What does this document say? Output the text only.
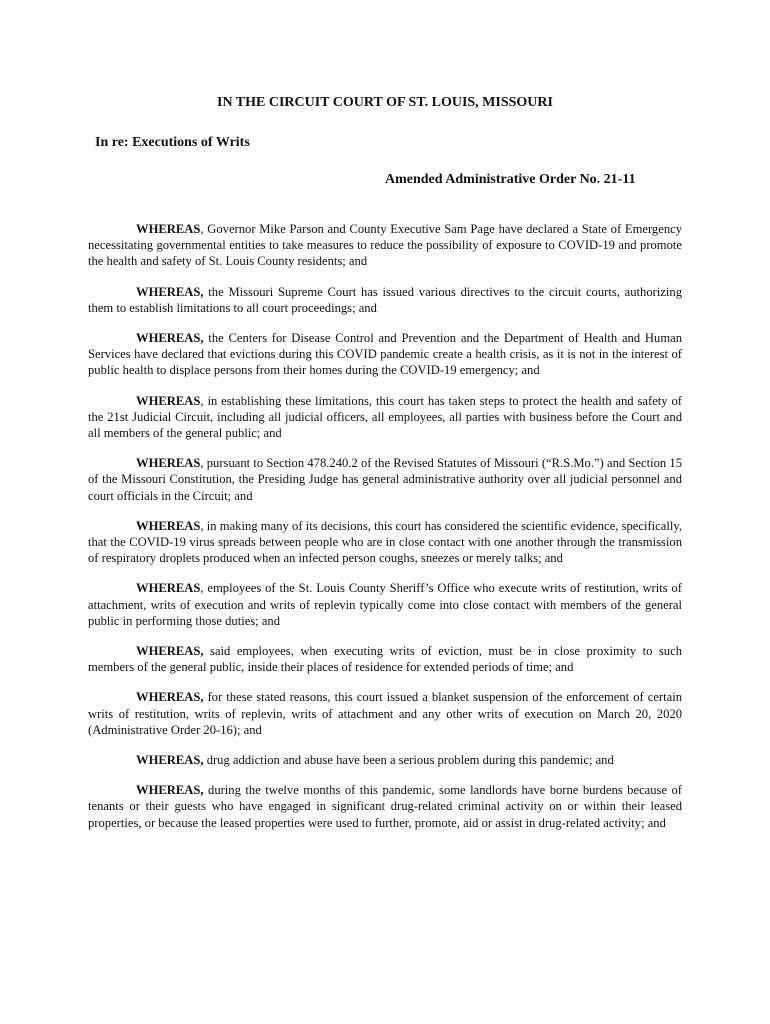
IN THE CIRCUIT COURT OF ST. LOUIS, MISSOURI
In re: Executions of Writs
Amended Administrative Order No. 21-11

WHEREAS, Governor Mike Parson and County Executive Sam Page have declared a State of Emergency necessitating governmental entities to take measures to reduce the possibility of exposure to COVID-19 and promote the health and safety of St. Louis County residents; and

WHEREAS, the Missouri Supreme Court has issued various directives to the circuit courts, authorizing them to establish limitations to all court proceedings; and

WHEREAS, the Centers for Disease Control and Prevention and the Department of Health and Human Services have declared that evictions during this COVID pandemic create a health crisis, as it is not in the interest of public health to displace persons from their homes during the COVID-19 emergency; and

WHEREAS, in establishing these limitations, this court has taken steps to protect the health and safety of the 21st Judicial Circuit, including all judicial officers, all employees, all parties with business before the Court and all members of the general public; and

WHEREAS, pursuant to Section 478.240.2 of the Revised Statutes of Missouri (“R.S.Mo.”) and Section 15 of the Missouri Constitution, the Presiding Judge has general administrative authority over all judicial personnel and court officials in the Circuit; and

WHEREAS, in making many of its decisions, this court has considered the scientific evidence, specifically, that the COVID-19 virus spreads between people who are in close contact with one another through the transmission of respiratory droplets produced when an infected person coughs, sneezes or merely talks; and

WHEREAS, employees of the St. Louis County Sheriff’s Office who execute writs of restitution, writs of attachment, writs of execution and writs of replevin typically come into close contact with members of the general public in performing those duties; and

WHEREAS, said employees, when executing writs of eviction, must be in close proximity to such members of the general public, inside their places of residence for extended periods of time; and

WHEREAS, for these stated reasons, this court issued a blanket suspension of the enforcement of certain writs of restitution, writs of replevin, writs of attachment and any other writs of execution on March 20, 2020 (Administrative Order 20-16); and

WHEREAS, drug addiction and abuse have been a serious problem during this pandemic; and

WHEREAS, during the twelve months of this pandemic, some landlords have borne burdens because of tenants or their guests who have engaged in significant drug-related criminal activity on or within their leased properties, or because the leased properties were used to further, promote, aid or assist in drug-related activity; and
